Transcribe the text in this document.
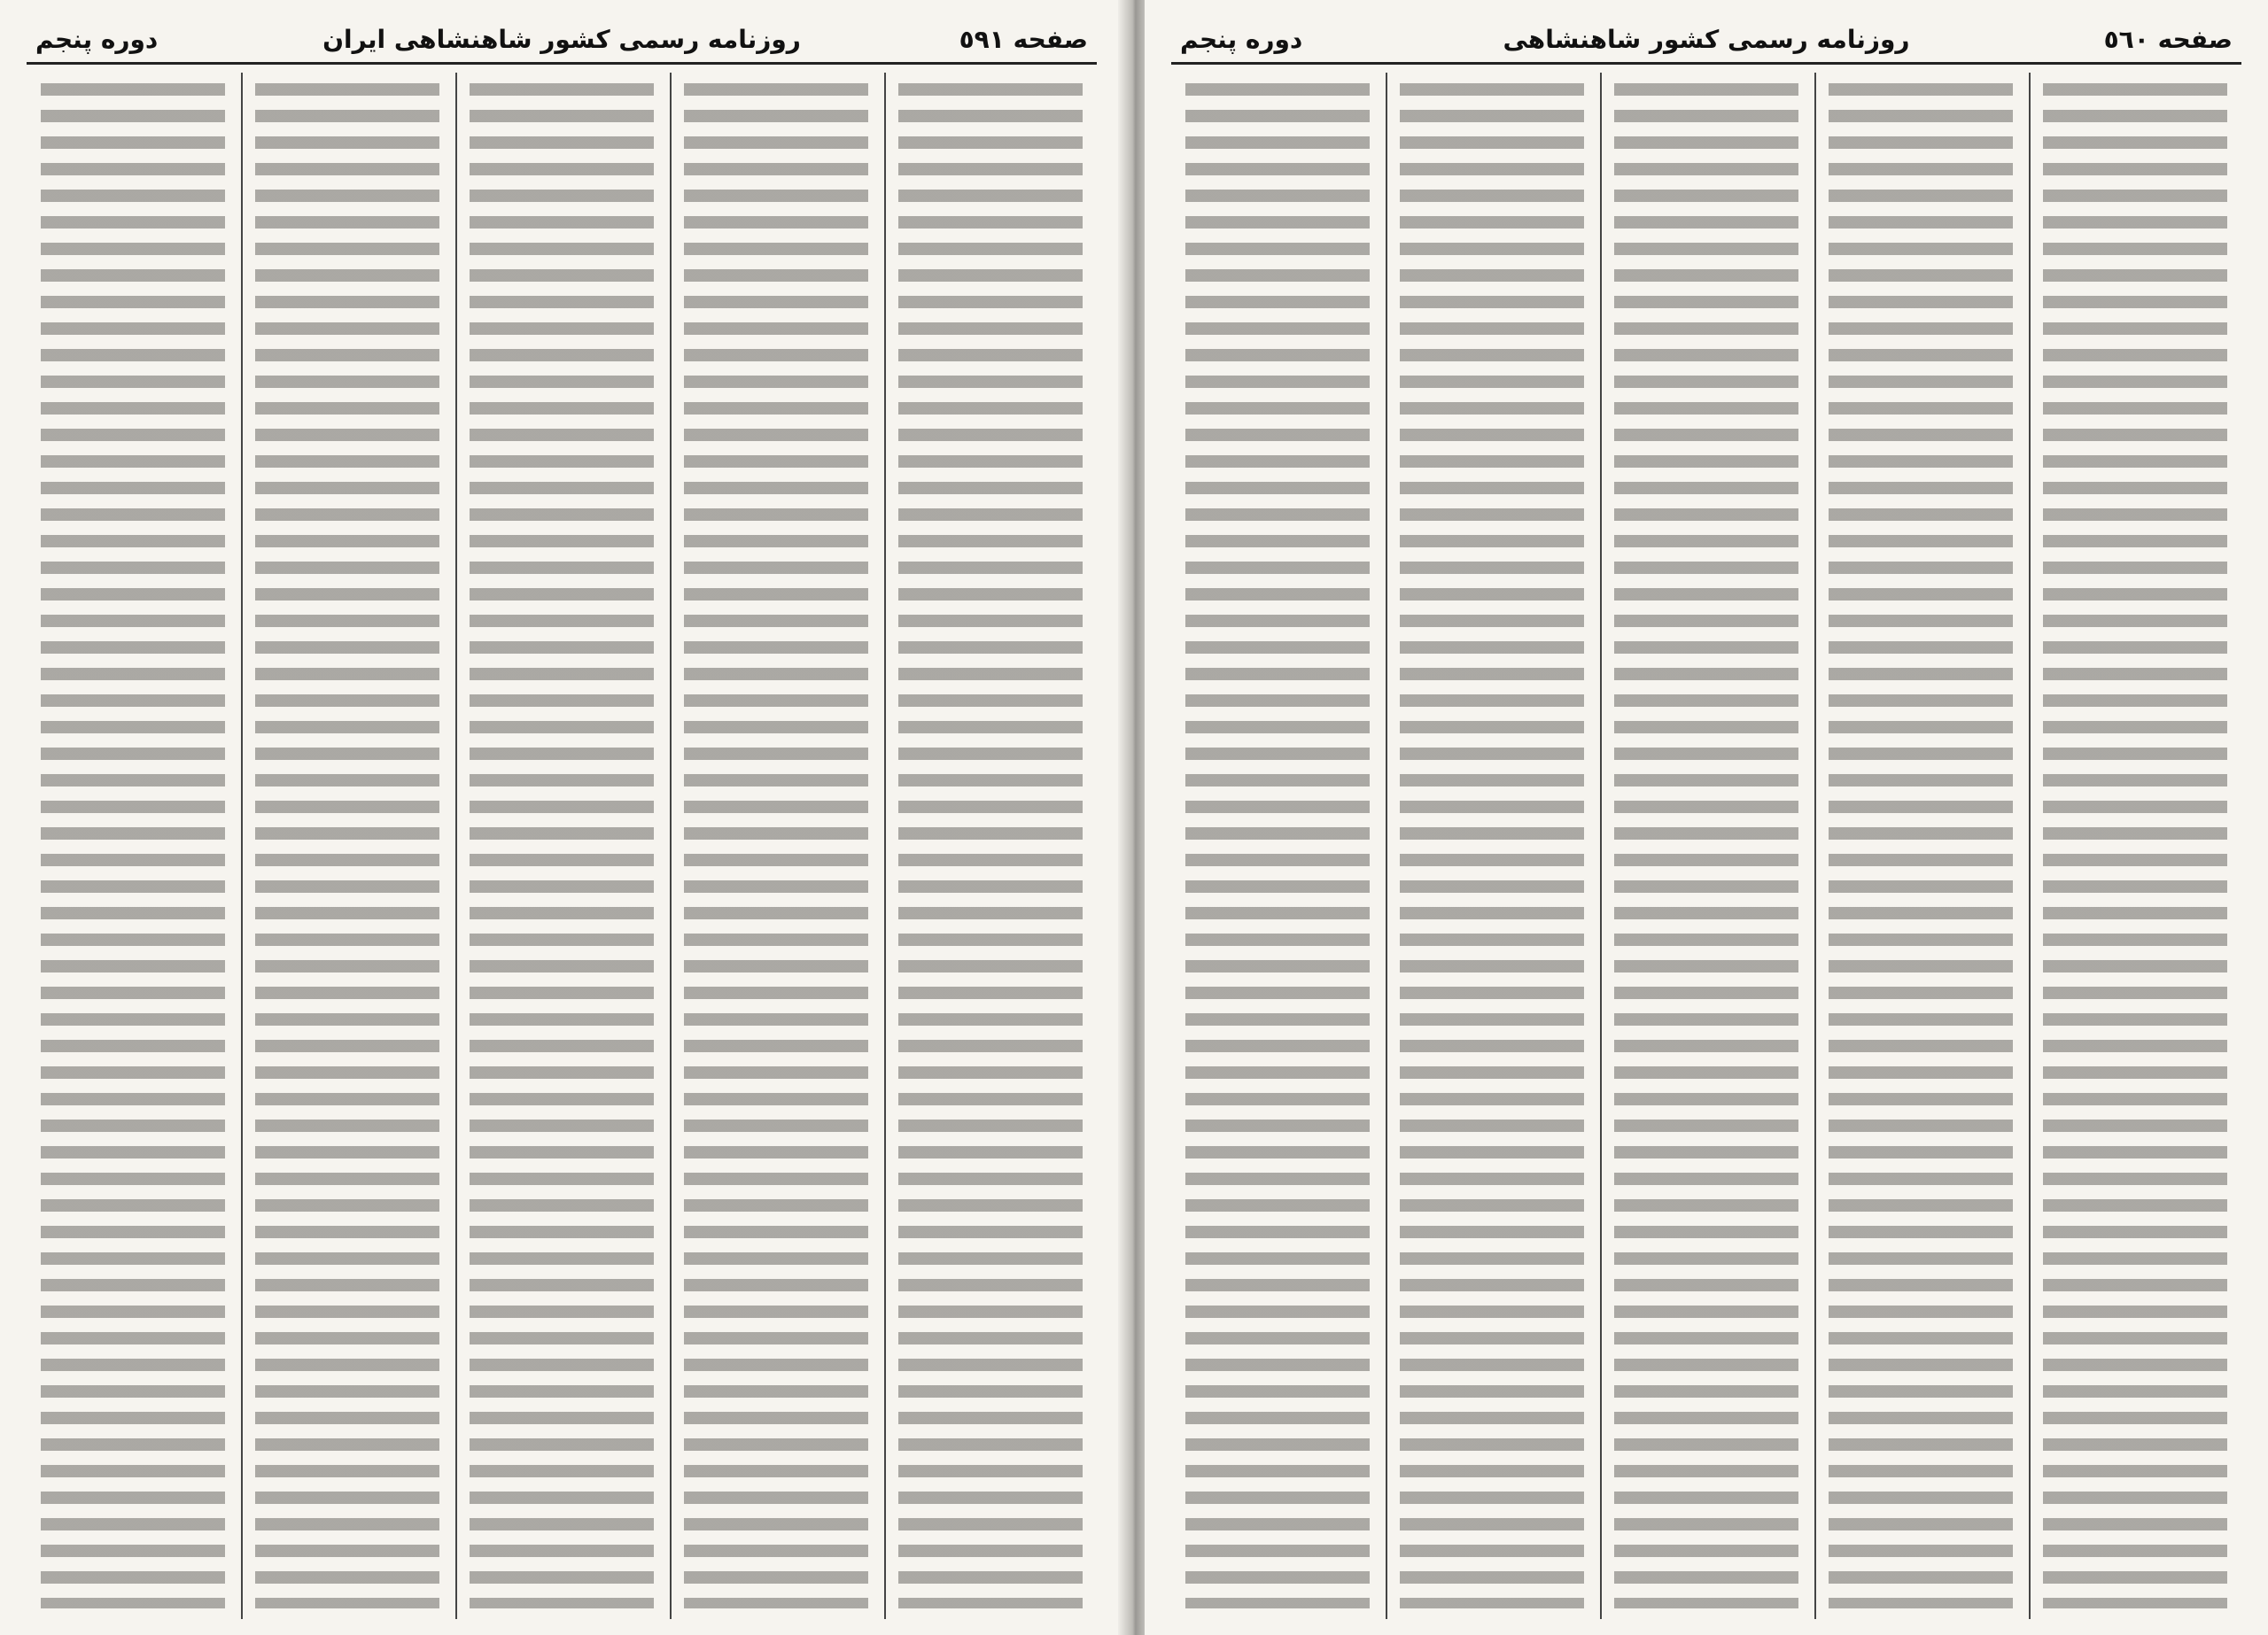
صفحه ٥٩١
روزنامه رسمی کشور شاهنشاهی ایران
دوره پنجم	صفحه ٥٦٠
روزنامه رسمی کشور شاهنشاهی
دوره پنجم
